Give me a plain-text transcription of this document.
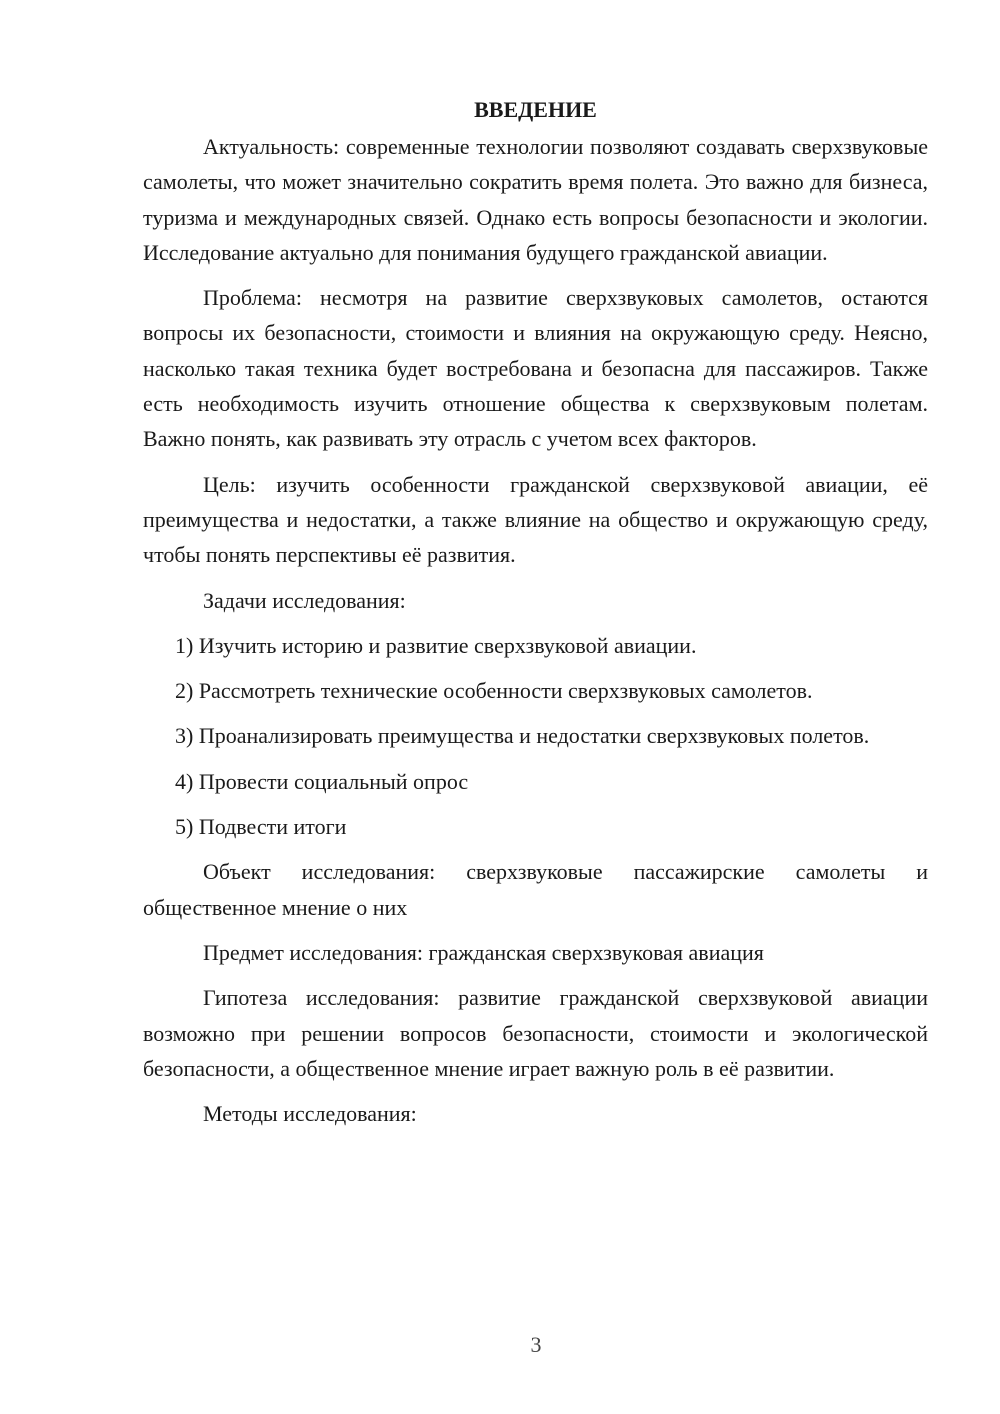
ВВЕДЕНИЕ

Актуальность: современные технологии позволяют создавать сверхзвуковые самолеты, что может значительно сократить время полета. Это важно для бизнеса, туризма и международных связей. Однако есть вопросы безопасности и экологии. Исследование актуально для понимания будущего гражданской авиации.

Проблема: несмотря на развитие сверхзвуковых самолетов, остаются вопросы их безопасности, стоимости и влияния на окружающую среду. Неясно, насколько такая техника будет востребована и безопасна для пассажиров. Также есть необходимость изучить отношение общества к сверхзвуковым полетам. Важно понять, как развивать эту отрасль с учетом всех факторов.

Цель: изучить особенности гражданской сверхзвуковой авиации, её преимущества и недостатки, а также влияние на общество и окружающую среду, чтобы понять перспективы её развития.

Задачи исследования:

1) Изучить историю и развитие сверхзвуковой авиации.

2) Рассмотреть технические особенности сверхзвуковых самолетов.

3) Проанализировать преимущества и недостатки сверхзвуковых полетов.

4) Провести социальный опрос

5) Подвести итоги

Объект исследования: сверхзвуковые пассажирские самолеты и общественное мнение о них

Предмет исследования: гражданская сверхзвуковая авиация

Гипотеза исследования: развитие гражданской сверхзвуковой авиации возможно при решении вопросов безопасности, стоимости и экологической безопасности, а общественное мнение играет важную роль в её развитии.

Методы исследования:

3
